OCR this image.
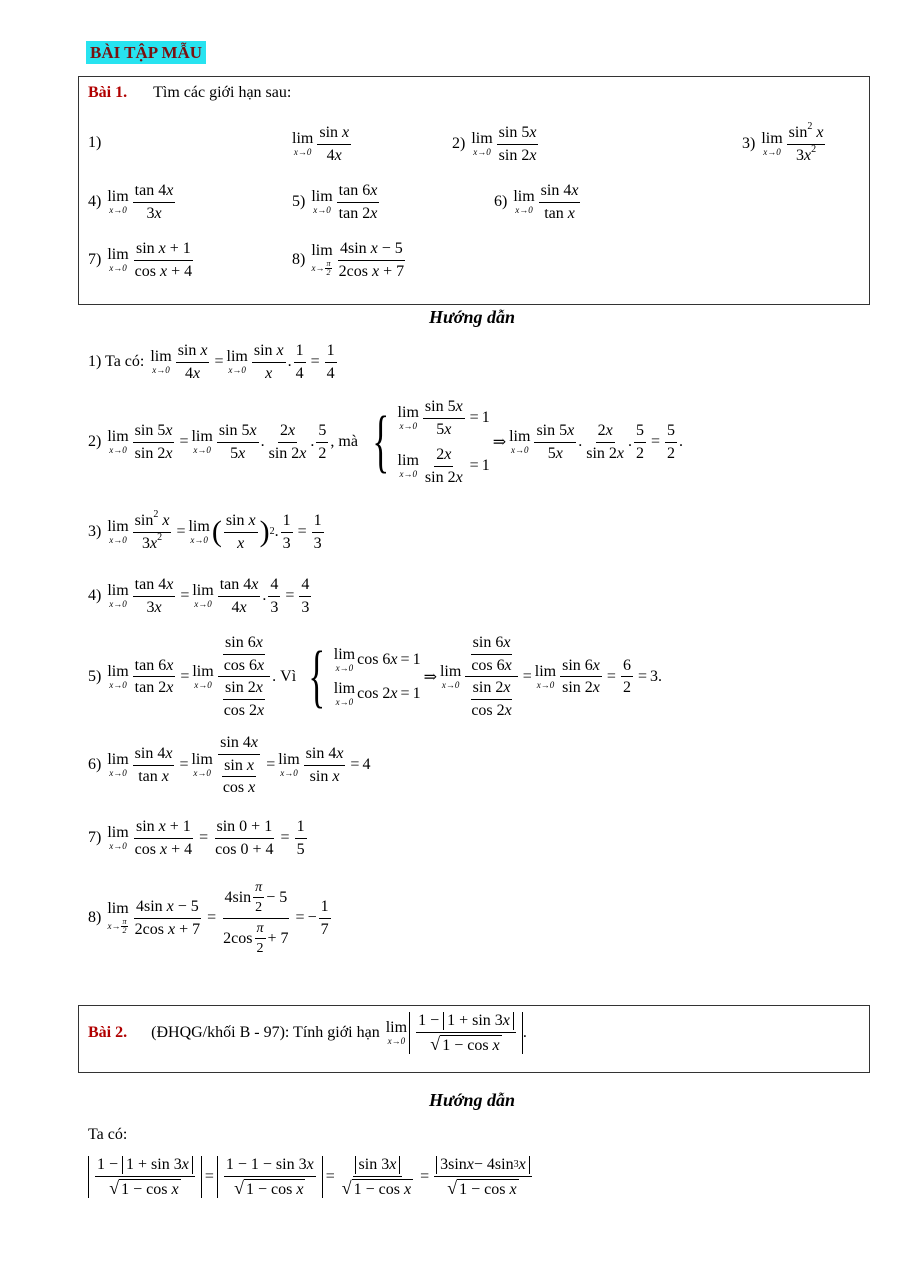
BÀI TẬP MẪU
Bài 1. Tìm các giới hạn sau:
1)	lim
x→0
sin x
4x
2) lim
x→0
sin 5x
sin 2x
3) lim
x→0
$\sin^2 x$
$3x^2$
4) lim
x→0
tan 4x
3x
5) lim
x→0
tan 6x
tan 2x
6) lim
x→0
sin 4x
tan x
7) lim
x→0
sin x + 1
cos x + 4
8)
lim
x→ π
2
4sin x − 5
2cos x + 7
Hướng dẫn
1) Ta có: lim
$x\to 0 \frac{\text{sin x}}{4x} = \lim$
x→0
sin x
x
. $\frac{1}{4} = \frac{1}{4}$
2) lim
$x\to 0 \frac{\sin 5x}{\sin 2x} = \lim$
x→0
sin 5x
5x
.
2x
sin 2x
.
5
2
, mà { lim
$x\to 0 \frac{\sin 5x}{5x} = 1$
lim
$x\to 0 \frac{2x}{\sin 2x} = 1$
⇒ lim
x→0
sin 5x
5x
.
2x
sin 2x
. $\frac{5}{2} = \frac{5}{2}$ .
3) lim
$x\to 0 \frac{\sin^2 x}{3x^2} = \lim$
x→0 ( sin x
x ) 2 . $\frac{1}{3} = \frac{1}{3}$
4) lim
$x\to 0 \frac{\tan 4x}{3x} = \lim$
x→0
tan 4x
4x
. $\frac{4}{3} = \frac{4}{3}$
5) lim
$x\to 0 \frac{\tan 6x}{\tan 2x} = \lim$
x→0
$\frac{\sin 6x}{\cos 6x}$
$\frac{\sin 2x}{\cos 2x}$
. Vì { lim
x→0 cos 6 x = 1
lim
x→0 cos 2 x = 1
⇒ lim
$x\to 0 \frac{\frac{\sin 6x}{\cos 6x}}{\frac{\sin 2x}{\cos 2x}} = \lim$
$x\to 0 \frac{\sin 6x}{\sin 2x} = \frac{6}{2} = 3$.
6) lim
$x\to 0 \frac{\sin 4x}{\text{tan x}} = \lim$
$x\to 0 \frac{\sin 4x}{\frac{\text{sin x}}{\text{cos x}}} = \lim$
$x\to 0 \frac{\sin 4x}{\text{sin x}} = 4$
7) lim
$x\to 0 \frac{\text{sin x + 1}}{\text{cos x + 4}} = \frac{\sin 0 + 1}{\cos 0 + 4} = \frac{1}{5}$
8)
lim
x→ π
$2 \frac{\text{4sin x − 5}}{\text{2cos x + 7}} = 4\sin$
π
2
− 5
2cos
π
2
+ 7 = − $\frac{1}{7}$
Bài 2. (ĐHQG/khối B - 97): Tính giới hạn lim
x→0
1 − 1 + sin 3 x
√ 1 − cos x
.
Hướng dẫn
Ta có:
1 − 1 + sin 3 x
√ 1 − cos x
=
1 − 1 − sin 3x
√ 1 − cos x
= $\frac{\sin 3 x}{\text{√ 1 − cos x}} = \frac{\text{3sin x − 4sin 3 x}}{\text{√ 1 − cos x}}$
